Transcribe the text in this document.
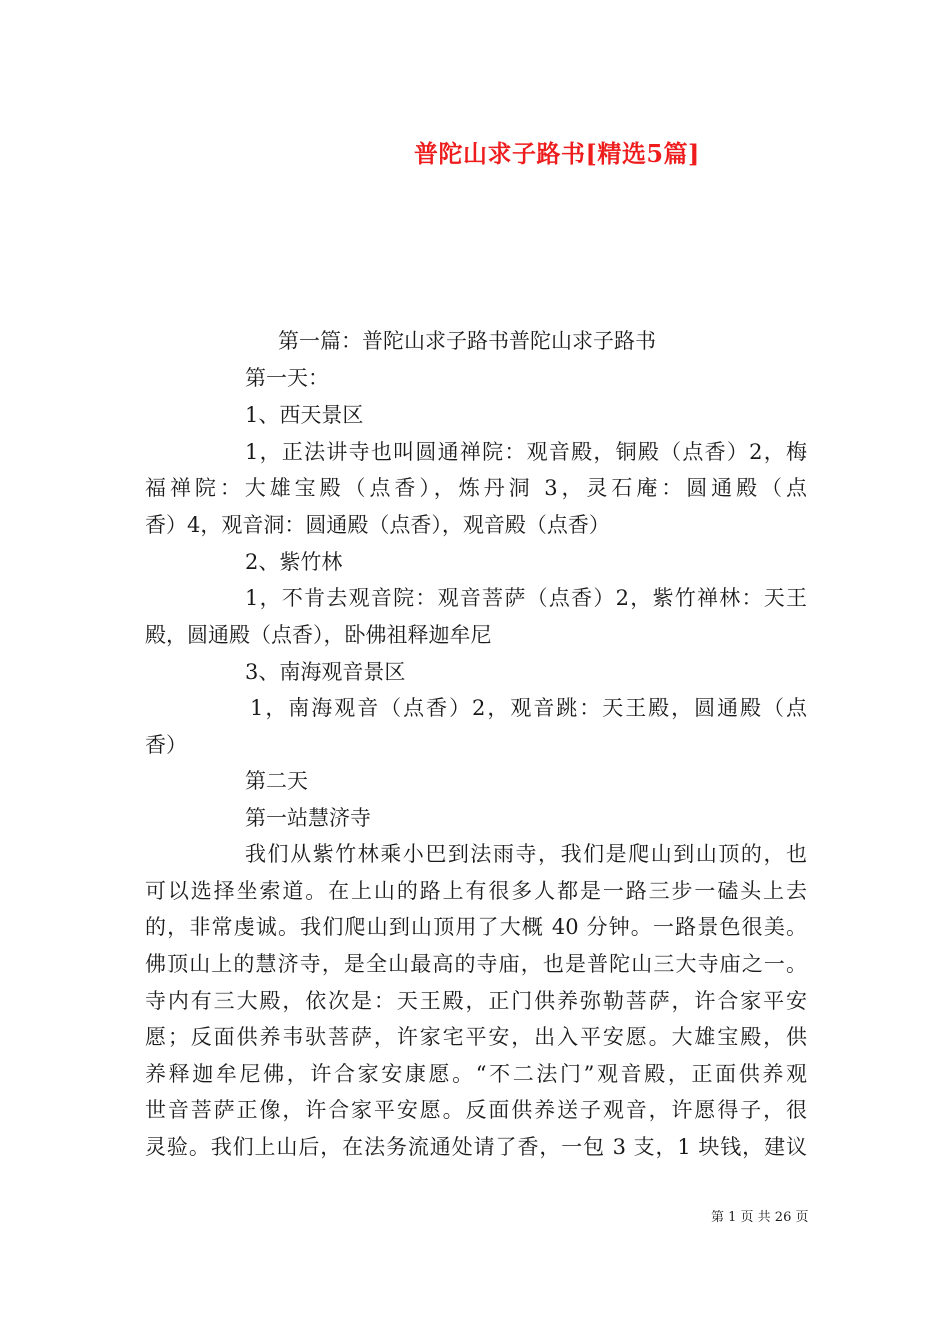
普陀山求子路书[精选5篇]
第一篇：普陀山求子路书普陀山求子路书
第一天：
1、西天景区
1，正法讲寺也叫圆通禅院：观音殿，铜殿（点香）2，梅
福禅院：大雄宝殿（点香），炼丹洞 3，灵石庵：圆通殿（点
香）4，观音洞：圆通殿（点香），观音殿（点香）
2、紫竹林
1，不肯去观音院：观音菩萨（点香）2，紫竹禅林：天王
殿，圆通殿（点香），卧佛祖释迦牟尼
3、南海观音景区
1，南海观音（点香）2，观音跳：天王殿，圆通殿（点
香）
第二天
第一站慧济寺
我们从紫竹林乘小巴到法雨寺，我们是爬山到山顶的，也
可以选择坐索道。在上山的路上有很多人都是一路三步一磕头上去
的，非常虔诚。我们爬山到山顶用了大概 40 分钟。一路景色很美。
佛顶山上的慧济寺，是全山最高的寺庙，也是普陀山三大寺庙之一。
寺内有三大殿，依次是：天王殿，正门供养弥勒菩萨，许合家平安
愿；反面供养韦驮菩萨，许家宅平安，出入平安愿。大雄宝殿，供
养释迦牟尼佛，许合家安康愿。“不二法门”观音殿，正面供养观
世音菩萨正像，许合家平安愿。反面供养送子观音，许愿得子，很
灵验。我们上山后，在法务流通处请了香，一包 3 支，1 块钱，建议
第 1 页 共 26 页
